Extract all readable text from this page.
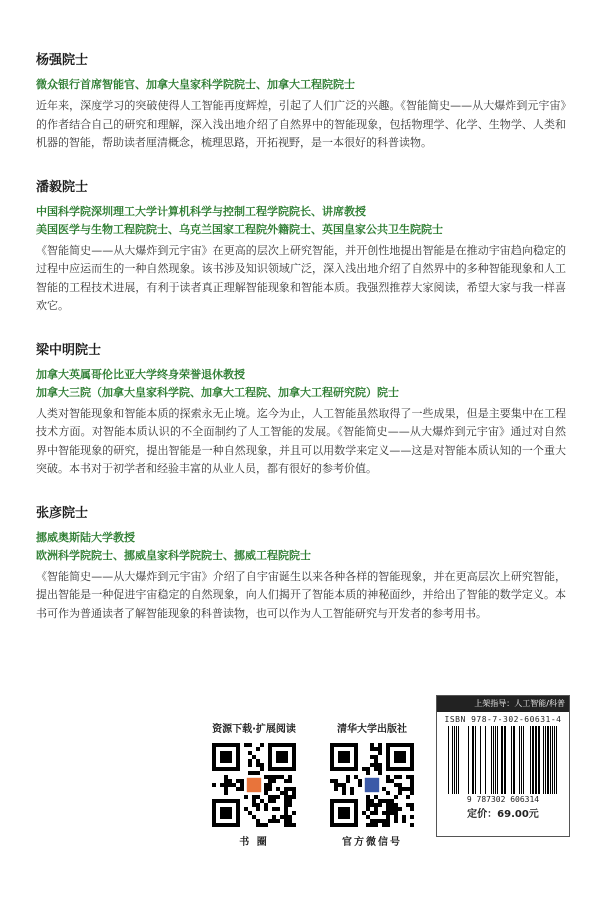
杨强院士

微众银行首席智能官、加拿大皇家科学院院士、加拿大工程院院士

近年来，深度学习的突破使得人工智能再度辉煌，引起了人们广泛的兴趣。《智能简史——从大爆炸到元宇宙》的作者结合自己的研究和理解，深入浅出地介绍了自然界中的智能现象，包括物理学、化学、生物学、人类和机器的智能，帮助读者厘清概念，梳理思路，开拓视野，是一本很好的科普读物。

潘毅院士

中国科学院深圳理工大学计算机科学与控制工程学院院长、讲席教授

美国医学与生物工程院院士、乌克兰国家工程院外籍院士、英国皇家公共卫生院院士

《智能简史——从大爆炸到元宇宙》在更高的层次上研究智能，并开创性地提出智能是在推动宇宙趋向稳定的过程中应运而生的一种自然现象。该书涉及知识领域广泛，深入浅出地介绍了自然界中的多种智能现象和人工智能的工程技术进展，有利于读者真正理解智能现象和智能本质。我强烈推荐大家阅读，希望大家与我一样喜欢它。

梁中明院士

加拿大英属哥伦比亚大学终身荣誉退休教授

加拿大三院（加拿大皇家科学院、加拿大工程院、加拿大工程研究院）院士

人类对智能现象和智能本质的探索永无止境。迄今为止，人工智能虽然取得了一些成果，但是主要集中在工程技术方面。对智能本质认识的不全面制约了人工智能的发展。《智能简史——从大爆炸到元宇宙》通过对自然界中智能现象的研究，提出智能是一种自然现象，并且可以用数学来定义——这是对智能本质认知的一个重大突破。本书对于初学者和经验丰富的从业人员，都有很好的参考价值。

张彦院士

挪威奥斯陆大学教授

欧洲科学院院士、挪威皇家科学院院士、挪威工程院院士

《智能简史——从大爆炸到元宇宙》介绍了自宇宙诞生以来各种各样的智能现象，并在更高层次上研究智能，提出智能是一种促进宇宙稳定的自然现象，向人们揭开了智能本质的神秘面纱，并给出了智能的数学定义。本书可作为普通读者了解智能现象的科普读物，也可以作为人工智能研究与开发者的参考用书。

资源下载·扩展阅读
书 圈
清华大学出版社
官方微信号
上架指导：人工智能/科普
ISBN 978-7-302-60631-4
9 787302 606314
定价：69.00元
